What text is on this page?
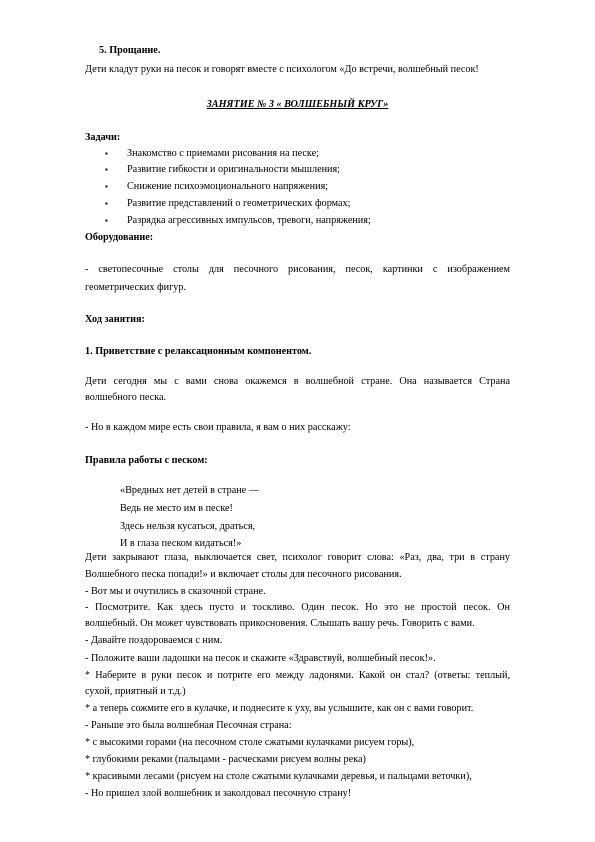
5. Прощание.
Дети кладут руки на песок и говорят вместе с психологом «До встречи, волшебный песок!
ЗАНЯТИЕ № 3 « ВОЛШЕБНЫЙ КРУГ»
Задачи:
▪ Знакомство с приемами рисования на песке;
▪ Развитие гибкости и оригинальности мышления;
▪ Снижение психоэмоционального напряжения;
▪ Развитие представлений о геометрических формах;
▪ Разрядка агрессивных импульсов, тревоги, напряжения;
Оборудование:
- светопесочные столы для песочного рисования, песок, картинки с изображением
геометрических фигур.
Ход занятия:
1. Приветствие с релаксационным компонентом.
Дети сегодня мы с вами снова окажемся в волшебной стране. Она называется Страна
волшебного песка.
- Но в каждом мире есть свои правила, я вам о них расскажу:
Правила работы с песком:
«Вредных нет детей в стране —
Ведь не место им в песке!
Здесь нельзя кусаться, драться,
И в глаза песком кидаться!»
Дети закрывают глаза, выключается свет, психолог говорит слова: «Раз, два, три в страну
Волшебного песка попади!» и включает столы для песочного рисования.
- Вот мы и очутились в сказочной стране.
- Посмотрите. Как здесь пусто и тоскливо. Один песок. Но это не простой песок. Он
волшебный. Он может чувствовать прикосновения. Слышать вашу речь. Говорить с вами.
- Давайте поздороваемся с ним.
- Положите ваши ладошки на песок и скажите «Здравствуй, волшебный песок!».
* Наберите в руки песок и потрите его между ладонями. Какой он стал? (ответы: теплый,
сухой, приятный и т.д.)
* а теперь сожмите его в кулачке, и поднесите к уху, вы услышите, как он с вами говорит.
- Раньше это была волшебная Песочная страна:
* с высокими горами (на песочном столе сжатыми кулачками рисуем горы),
* глубокими реками (пальцами - расческами рисуем волны река)
* красивыми лесами (рисуем на столе сжатыми кулачками деревья, и пальцами веточки),
- Но пришел злой волшебник и заколдовал песочную страну!
